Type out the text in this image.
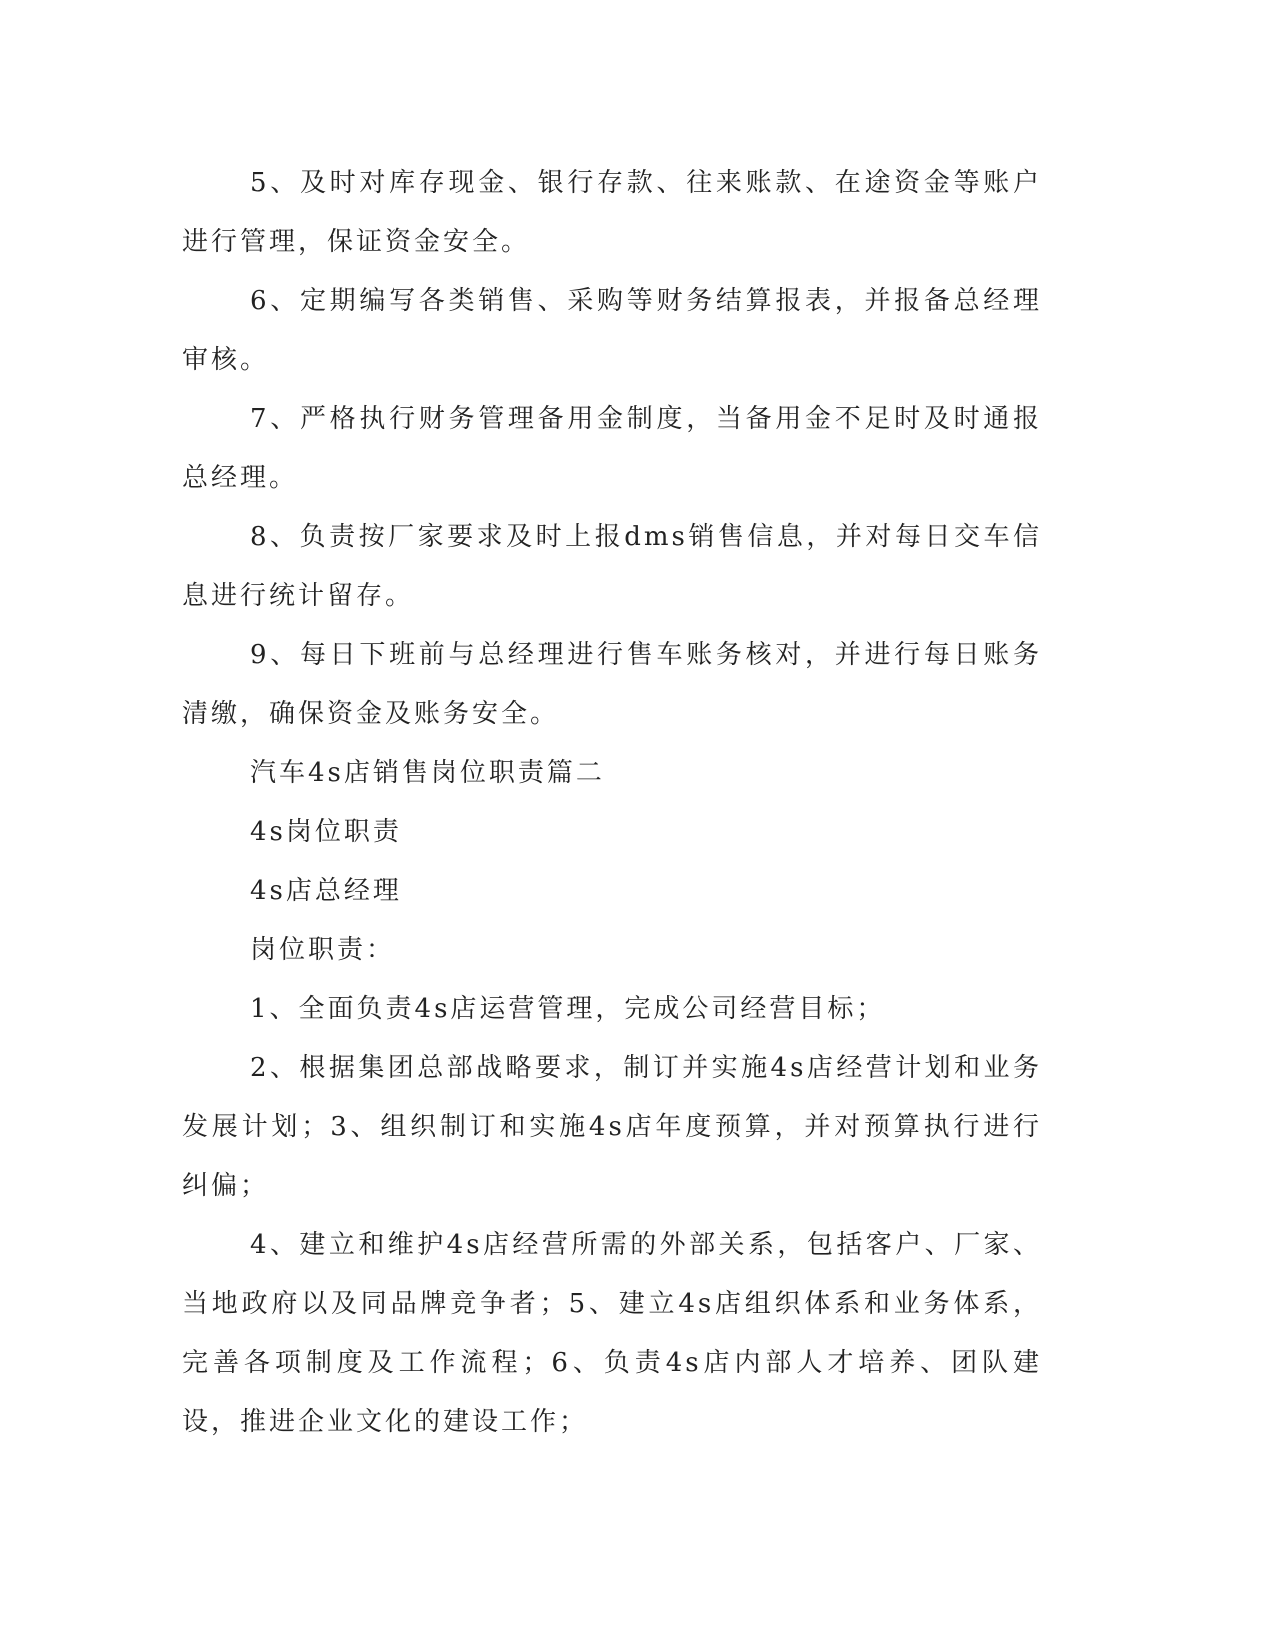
5、及时对库存现金、银行存款、往来账款、在途资金等账户进行管理，保证资金安全。

6、定期编写各类销售、采购等财务结算报表，并报备总经理审核。

7、严格执行财务管理备用金制度，当备用金不足时及时通报总经理。

8、负责按厂家要求及时上报dms销售信息，并对每日交车信息进行统计留存。

9、每日下班前与总经理进行售车账务核对，并进行每日账务清缴，确保资金及账务安全。

汽车4s店销售岗位职责篇二

4s岗位职责

4s店总经理

岗位职责：

1、全面负责4s店运营管理，完成公司经营目标；

2、根据集团总部战略要求，制订并实施4s店经营计划和业务发展计划；3、组织制订和实施4s店年度预算，并对预算执行进行纠偏；

4、建立和维护4s店经营所需的外部关系，包括客户、厂家、当地政府以及同品牌竞争者；5、建立4s店组织体系和业务体系，完善各项制度及工作流程；6、负责4s店内部人才培养、团队建设，推进企业文化的建设工作；
